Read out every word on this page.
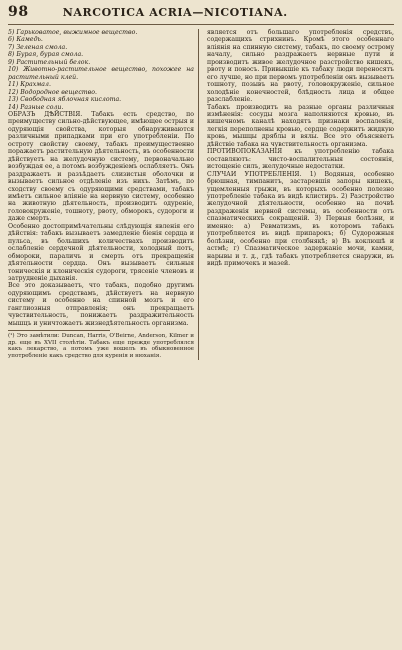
98	NARCOTICA ACRIA—NICOTIANA.

5) Гарьковатое, выжимное вещество.

6) Камедь.

7) Зеленая смола.

8) Бурая, бурая смола.

9) Растительный белок.

10) Животно-растительное вещество, похожее на растительный клей.

11) Крахмал.

12) Водородное вещество.

13) Свободная яблочная кислота.

14) Разные соли.

ОБРАЗЪ ДѢЙСТВІЯ. Табакъ есть средство, по преимуществу сильно-дѣйствующее, имѣющее острыя и одуряющія свойства, которыя обнаруживаются различными припадками при его употребленіи. По остроту свойству своему, табакъ преимущественно поражаетъ растительную дѣятельность, въ особенности дѣйствуетъ на желудочную систему, первоначально возбуждая ее, а потомъ возбужденіемъ ослабляетъ. Онъ раздражаетъ и разъѣдаетъ слизистыя оболочки и вызываетъ сильное отдѣленіе изъ нихъ. Затѣмъ, по сходству своему съ одуряющими средствами, табакъ имѣетъ сильное вліяніе на нервную систему, особенно на животную дѣятельность, производитъ одуреніе, головокруженіе, тошноту, рвоту, обморокъ, судороги и даже смерть.

Особенно достопримѣчательны слѣдующія явленія его дѣйствія: табакъ вызываетъ замедленіе біенія сердца и пульса, въ большихъ количествахъ производитъ ослабленіе сердечной дѣятельности, холодный потъ, обмороки, параличъ и смерть отъ прекращенія дѣятельности сердца. Онъ вызываетъ сильныя тоническія и клоническія судороги, трясеніе членовъ и затрудненіе дыханія.

Все это доказываетъ, что табакъ, подобно другимъ одуряющимъ средствамъ, дѣйствуетъ на нервную систему и особенно на спинной мозгъ и его ганглиозныя отправленія; онъ прекращаетъ чувствительность, понижаетъ раздражительность мышцъ и уничтожаетъ жизнедѣятельность организма.

(¹) Это замѣтили: Duncan, Harris, O'Beirne, Anderson, Kilmer и др. еще въ XVII столѣтіи. Табакъ еще прежде употреблялся какъ лекарство, а потомъ уже вошелъ въ обыкновенное употребленіе какъ средство для куренія и нюханія.

является отъ большаго употребленія средствъ, содержащихъ стрихнинъ. Кромѣ этого особеннаго вліянія на спинную систему, табакъ, по своему острому началу, сильно раздражаетъ нервные пути и производитъ живое желудочное разстройство кишекъ, рвоту и поносъ. Привыкшіе къ табаку люди переносятъ его лучше, но при первомъ употребленіи онъ вызываетъ тошноту, позывъ на рвоту, головокруженіе, сильное холодѣніе конечностей, блѣдность лица и общее разслабленіе.

Табакъ производитъ на разные органы различныя измѣненія: сосуды мозга наполняются кровью, въ кишечномъ каналѣ находятъ признаки воспаленія, легкія переполнены кровью, сердце содержитъ жидкую кровь, мышцы дряблы и вялы. Все это объясняетъ дѣйствіе табака на чувствительность организма.

ПРОТИВОПОКАЗАНІЯ къ употребленію табака составляютъ: чисто-воспалительныя состоянія, истощеніе силъ, желудочные недостатки.

СЛУЧАИ УПОТРЕБЛЕНІЯ. 1) Водяныя, особенно брюшная, тимпанитъ, застаревшія запоры кишекъ, ущемленныя грыжи, въ которыхъ особенно полезно употребленіе табака въ видѣ клистиръ. 2) Разстройство желудочной дѣятельности, особенно на почвѣ раздраженія нервной системы, въ особенности отъ спазматическихъ сокращеній. 3) Первыя болѣзни, и именно: а) Ревматизмъ, въ которомъ табакъ употребляется въ видѣ припарокъ; б) Судорожныя болѣзни, особенно при столбнякѣ; в) Въ коклюшѣ и астмѣ; г) Спазматическое задержаніе мочи, камни, нарывы и т. д., гдѣ табакъ употребляется снаружи, въ видѣ примочекъ и мазей.
